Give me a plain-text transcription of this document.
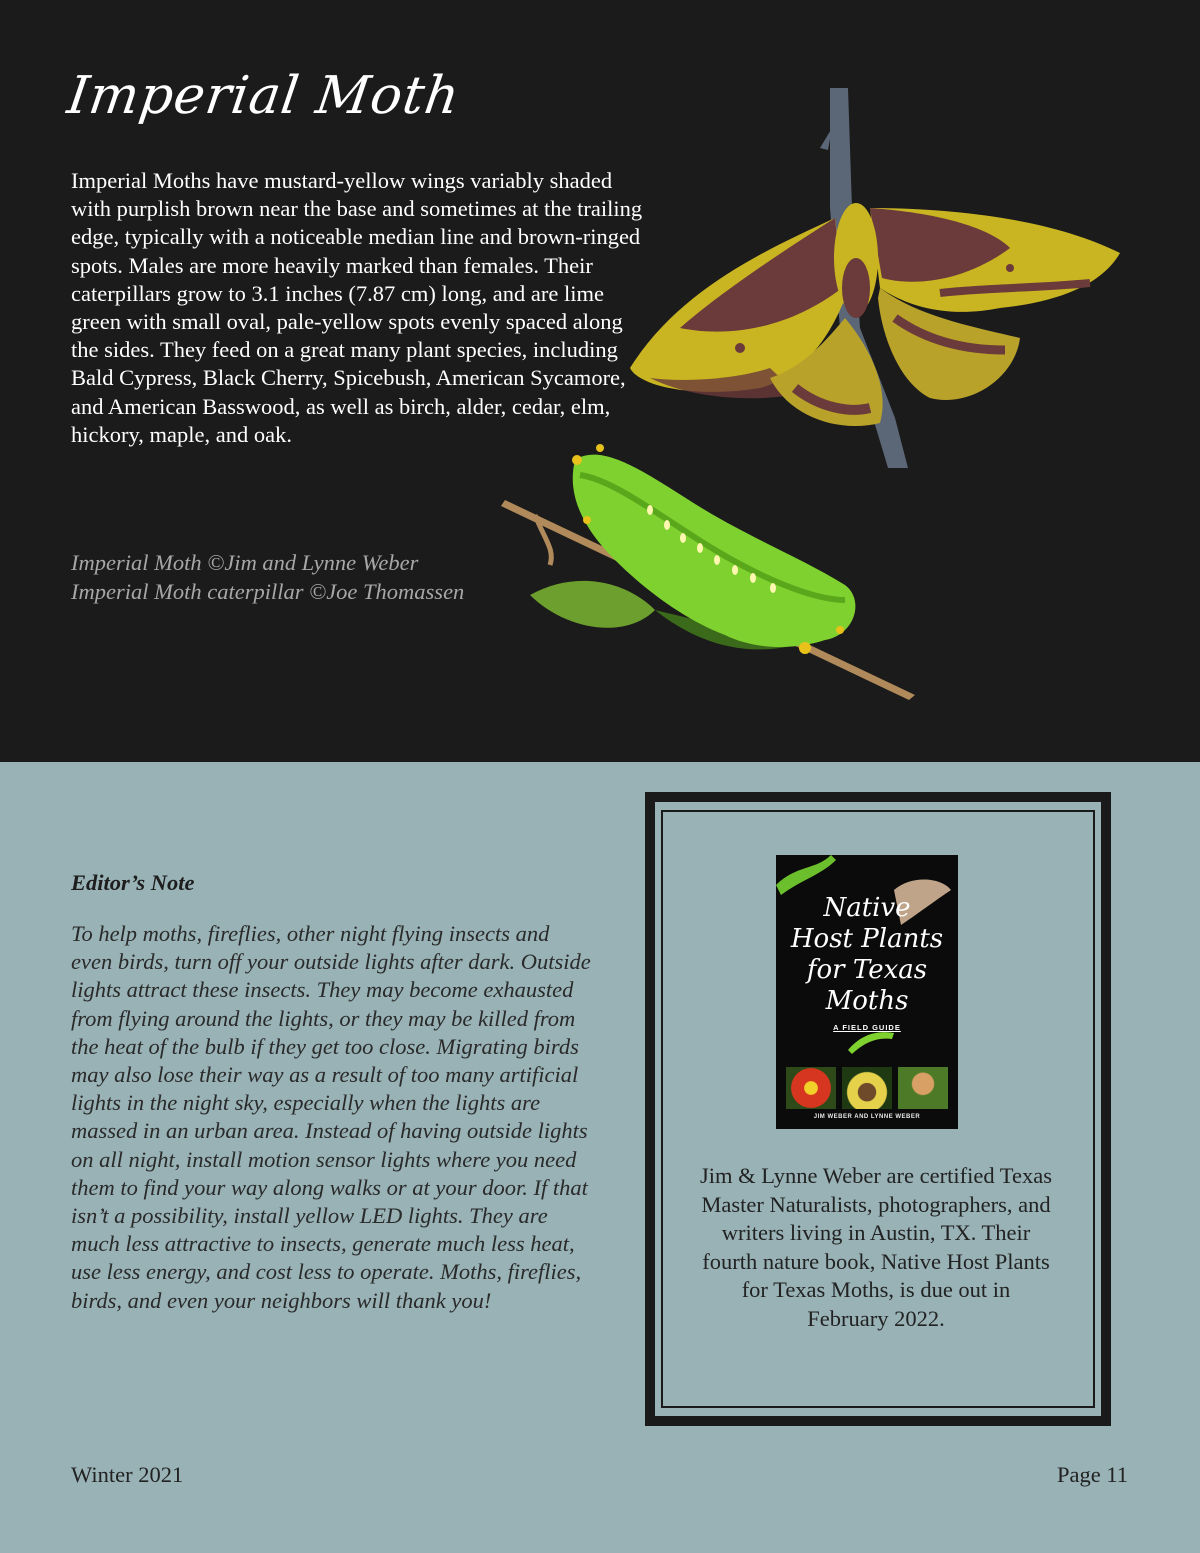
Imperial Moth

Imperial Moths have mustard-yellow wings variably shaded with purplish brown near the base and sometimes at the trailing edge, typically with a noticeable median line and brown-ringed spots. Males are more heavily marked than females. Their caterpillars grow to 3.1 inches (7.87 cm) long, and are lime green with small oval, pale-yellow spots evenly spaced along the sides. They feed on a great many plant species, including Bald Cypress, Black Cherry, Spicebush, American Sycamore, and American Basswood, as well as birch, alder, cedar, elm, hickory, maple, and oak.

Imperial Moth ©Jim and Lynne Weber
Imperial Moth caterpillar ©Joe Thomassen
Editor’s Note

To help moths, fireflies, other night flying insects and even birds, turn off your outside lights after dark. Outside lights attract these insects. They may become exhausted from flying around the lights, or they may be killed from the heat of the bulb if they get too close. Migrating birds may also lose their way as a result of too many artificial lights in the night sky, especially when the lights are massed in an urban area. Instead of having outside lights on all night, install motion sensor lights where you need them to find your way along walks or at your door. If that isn’t a possibility, install yellow LED lights. They are much less attractive to insects, generate much less heat, use less energy, and cost less to operate. Moths, fireflies, birds, and even your neighbors will thank you!

Native
Host Plants
for Texas
Moths
A FIELD GUIDE
JIM WEBER AND LYNNE WEBER

Jim & Lynne Weber are certified Texas Master Naturalists, photographers, and writers living in Austin, TX. Their fourth nature book, Native Host Plants for Texas Moths, is due out in February 2022.

Winter 2021	Page 11
